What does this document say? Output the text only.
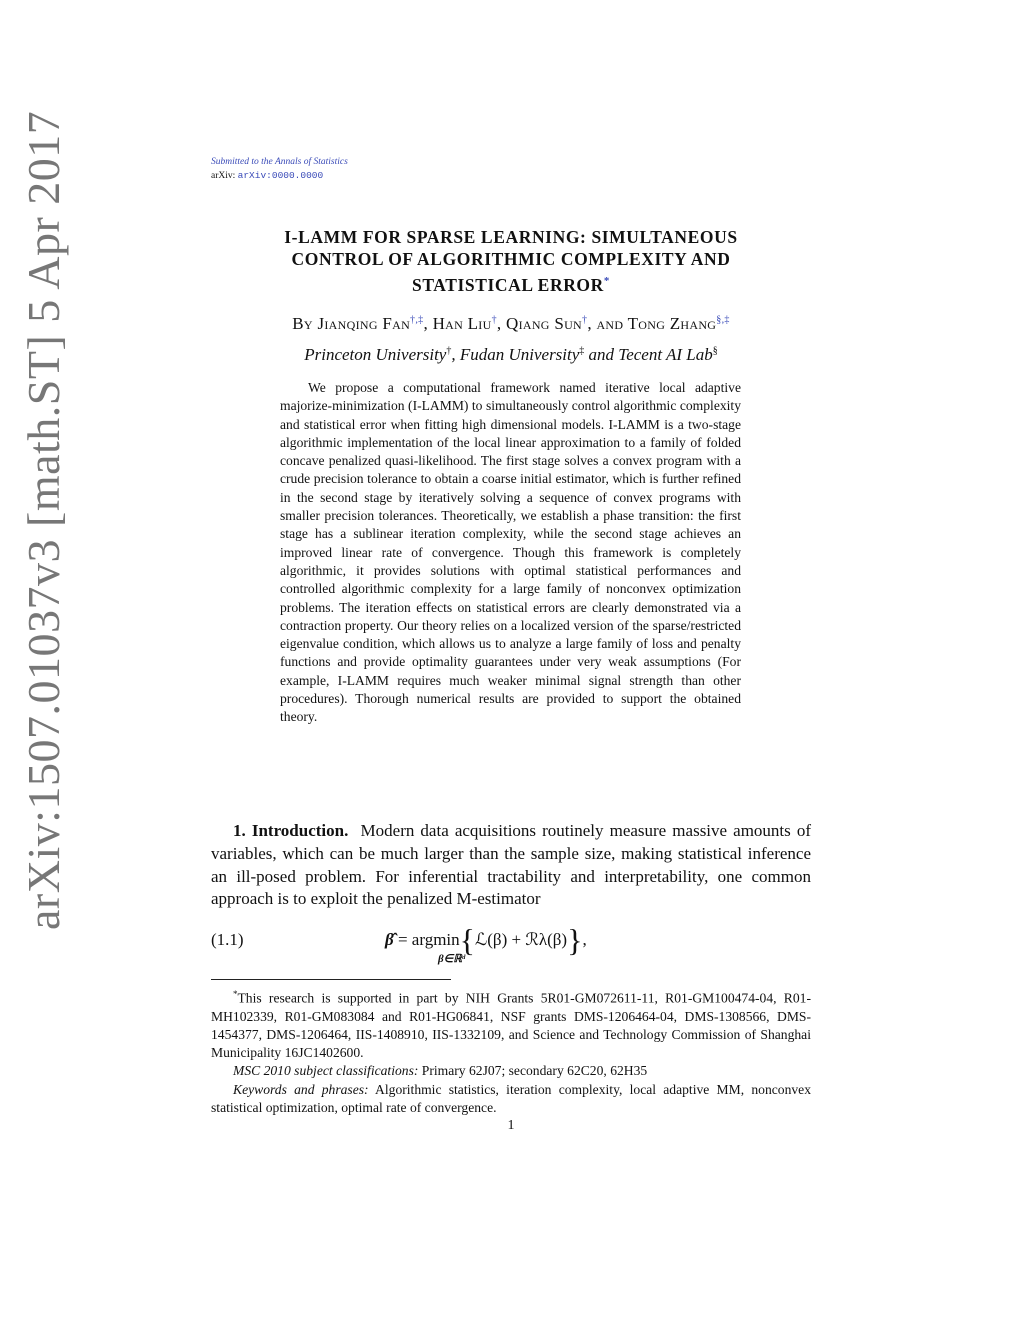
arXiv:1507.01037v3 [math.ST] 5 Apr 2017	Submitted to the Annals of Statistics
arXiv: arXiv:0000.0000
I-LAMM FOR SPARSE LEARNING: SIMULTANEOUS
CONTROL OF ALGORITHMIC COMPLEXITY AND
STATISTICAL ERROR*
By Jianqing Fan†,‡, Han Liu†, Qiang Sun†, and Tong Zhang§,‡
Princeton University†, Fudan University‡ and Tecent AI Lab§
We propose a computational framework named iterative local adaptive majorize-minimization (I-LAMM) to simultaneously control algorithmic complexity and statistical error when fitting high dimensional models. I-LAMM is a two-stage algorithmic implementation of the local linear approximation to a family of folded concave penalized quasi-likelihood. The first stage solves a convex program with a crude precision tolerance to obtain a coarse initial estimator, which is further refined in the second stage by iteratively solving a sequence of convex programs with smaller precision tolerances. Theoretically, we establish a phase transition: the first stage has a sublinear iteration complexity, while the second stage achieves an improved linear rate of convergence. Though this framework is completely algorithmic, it provides solutions with optimal statistical performances and controlled algorithmic complexity for a large family of nonconvex optimization problems. The iteration effects on statistical errors are clearly demonstrated via a contraction property. Our theory relies on a localized version of the sparse/restricted eigenvalue condition, which allows us to analyze a large family of loss and penalty functions and provide optimality guarantees under very weak assumptions (For example, I-LAMM requires much weaker minimal signal strength than other procedures). Thorough numerical results are provided to support the obtained theory.
1. Introduction. Modern data acquisitions routinely measure massive amounts of variables, which can be much larger than the sample size, making statistical inference an ill-posed problem. For inferential tractability and interpretability, one common approach is to exploit the penalized M-estimator
(1.1)	β̂ = argmin{ℒ(β) + ℛλ(β)},
β∈ℝᵈ

*This research is supported in part by NIH Grants 5R01-GM072611-11, R01-GM100474-04, R01-MH102339, R01-GM083084 and R01-HG06841, NSF grants DMS-1206464-04, DMS-1308566, DMS-1454377, DMS-1206464, IIS-1408910, IIS-1332109, and Science and Technology Commission of Shanghai Municipality 16JC1402600.

MSC 2010 subject classifications: Primary 62J07; secondary 62C20, 62H35

Keywords and phrases: Algorithmic statistics, iteration complexity, local adaptive MM, nonconvex statistical optimization, optimal rate of convergence.

1
